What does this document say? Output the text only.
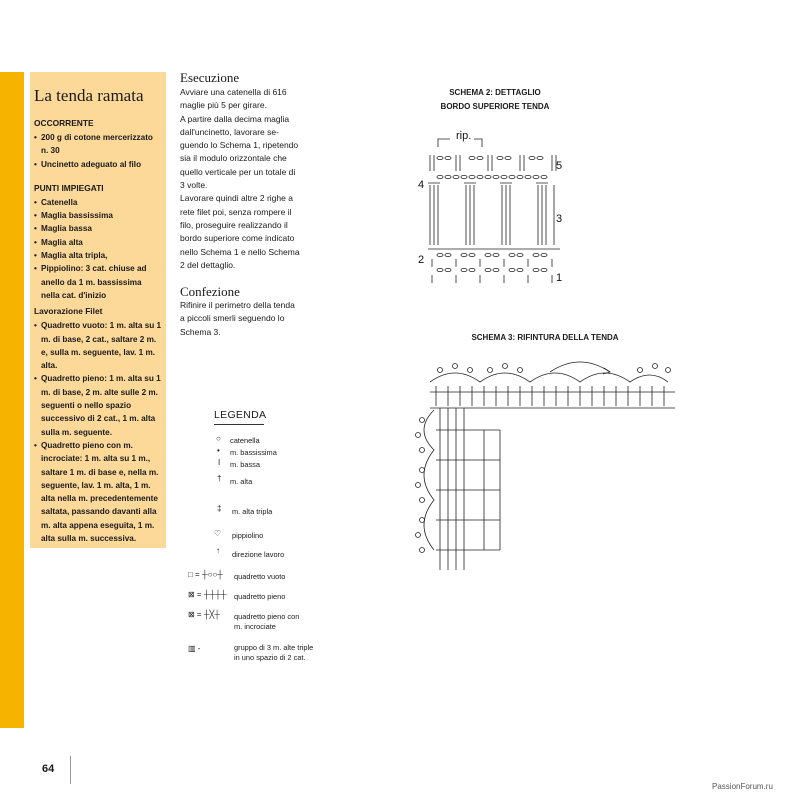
La tenda ramata
OCCORRENTE
• 200 g di cotone mercerizzato n. 30
• Uncinetto adeguato al filo
PUNTI IMPIEGATI
• Catenella
• Maglia bassissima
• Maglia bassa
• Maglia alta
• Maglia alta tripla,
• Pippiolino: 3 cat. chiuse ad anello da 1 m. bassissima nella cat. d'inizio
Lavorazione Filet
• Quadretto vuoto: 1 m. alta su 1 m. di base, 2 cat., saltare 2 m. e, sulla m. seguente, lav. 1 m. alta.
• Quadretto pieno: 1 m. alta su 1 m. di base, 2 m. alte sulle 2 m. seguenti o nello spazio successivo di 2 cat., 1 m. alta sulla m. seguente.
• Quadretto pieno con m. incrociate: 1 m. alta su 1 m., saltare 1 m. di base e, nella m. seguente, lav. 1 m. alta, 1 m. alta nella m. precedentemente saltata, passando davanti alla m. alta appena eseguita, 1 m. alta sulla m. successiva.
Esecuzione
Avviare una catenella di 616
maglie più 5 per girare.
A partire dalla decima maglia
dall'uncinetto, lavorare se-
guendo lo Schema 1, ripetendo
sia il modulo orizzontale che
quello verticale per un totale di
3 volte.
Lavorare quindi altre 2 righe a
rete filet poi, senza rompere il
filo, proseguire realizzando il
bordo superiore come indicato
nello Schema 1 e nello Schema
2 del dettaglio.
Confezione
Rifinire il perimetro della tenda
a piccoli smerli seguendo lo
Schema 3.
SCHEMA 2: DETTAGLIO
BORDO SUPERIORE TENDA
rip.
1
2
3
4
5
SCHEMA 3: RIFINTURA DELLA TENDA
LEGENDA
○ catenella
• m. bassissima
I m. bassa
† m. alta
‡ m. alta tripla
♡ pippiolino
↑ direzione lavoro
□ = ┼○○┼ quadretto vuoto
⊠ = ┼┼┼┼ quadretto pieno
⊠ = ┼╳┼ quadretto pieno con
m. incrociate
▥ -	gruppo di 3 m. alte triple
in uno spazio di 2 cat.
64
PassionForum.ru
